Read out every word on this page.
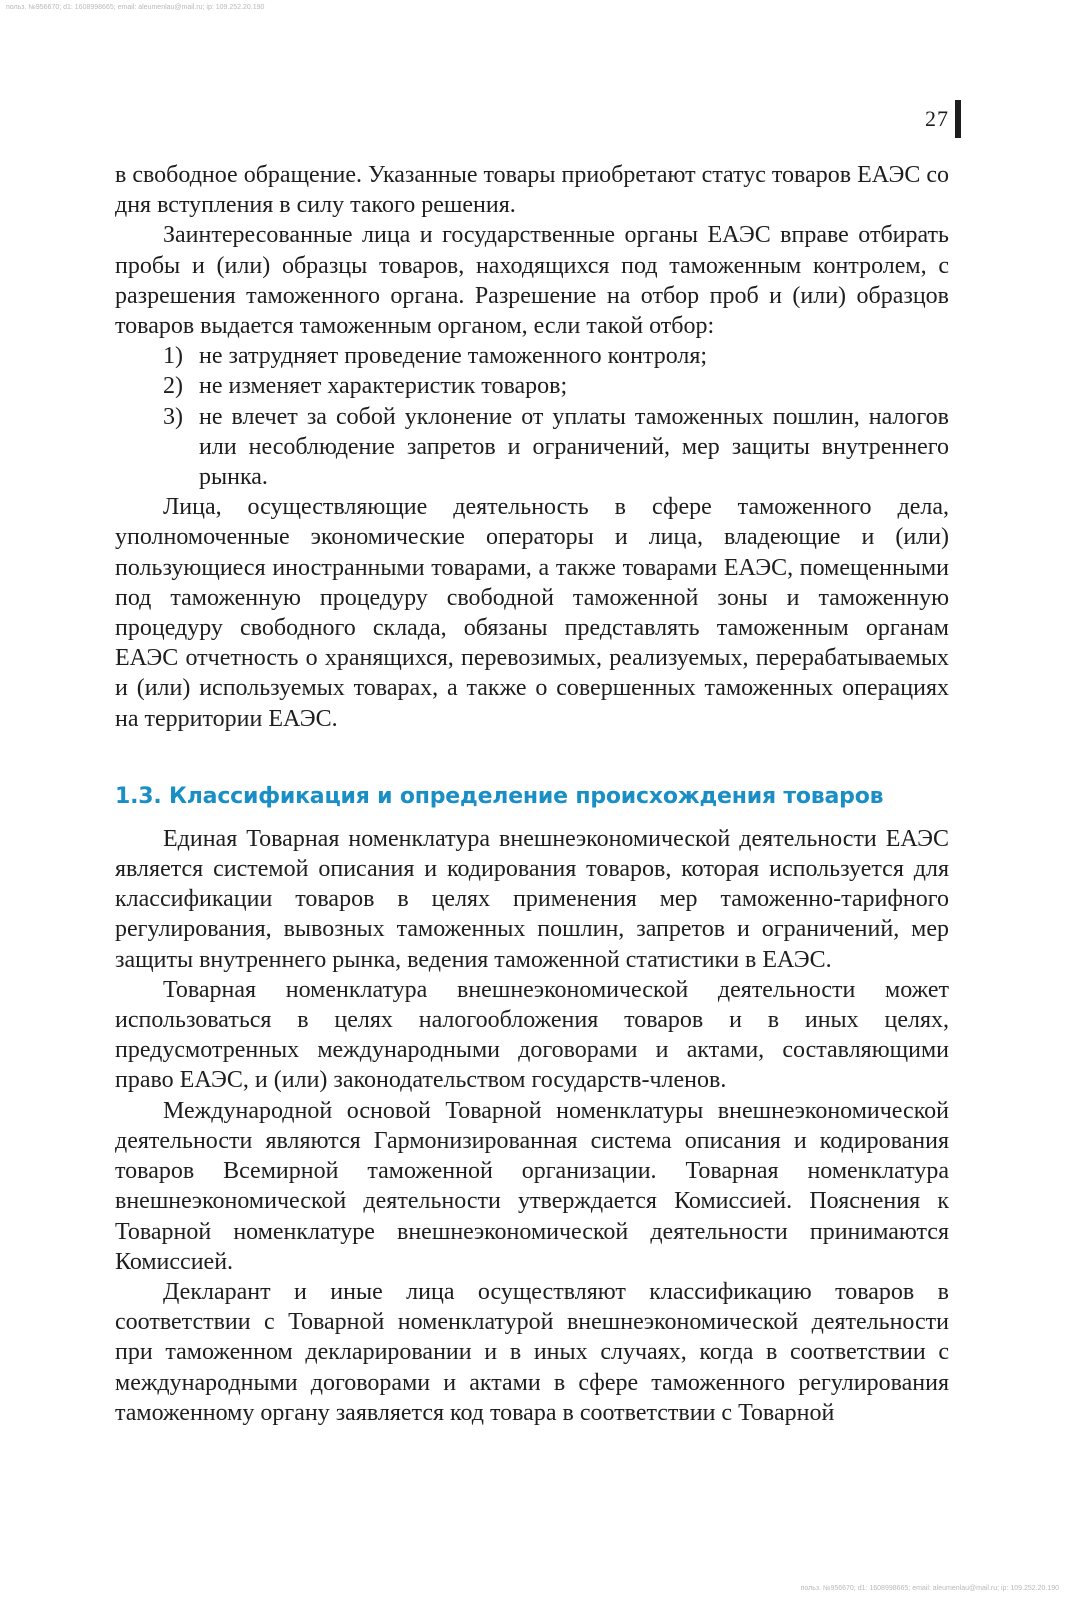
польз. №956670; d1: 1608998665; email: aleumenlau@mail.ru; ip: 109.252.20.190
27

в свободное обращение. Указанные товары приобретают статус товаров ЕАЭС со дня вступления в силу такого решения.

Заинтересованные лица и государственные органы ЕАЭС вправе отбирать пробы и (или) образцы товаров, находящихся под таможенным контролем, с разрешения таможенного органа. Разрешение на отбор проб и (или) образцов товаров выдается таможенным органом, если такой отбор:

1) не затрудняет проведение таможенного контроля;
2) не изменяет характеристик товаров;
3) не влечет за собой уклонение от уплаты таможенных пошлин, налогов или несоблюдение запретов и ограничений, мер защиты внутреннего рынка.

Лица, осуществляющие деятельность в сфере таможенного дела, уполномоченные экономические операторы и лица, владеющие и (или) пользующиеся иностранными товарами, а также товарами ЕАЭС, помещенными под таможенную процедуру свободной таможенной зоны и таможенную процедуру свободного склада, обязаны представлять таможенным органам ЕАЭС отчетность о хранящихся, перевозимых, реализуемых, перерабатываемых и (или) используемых товарах, а также о совершенных таможенных операциях на территории ЕАЭС.

1.3. Классификация и определение происхождения товаров

Единая Товарная номенклатура внешнеэкономической деятельности ЕАЭС является системой описания и кодирования товаров, которая используется для классификации товаров в целях применения мер таможенно-тарифного регулирования, вывозных таможенных пошлин, запретов и ограничений, мер защиты внутреннего рынка, ведения таможенной статистики в ЕАЭС.

Товарная номенклатура внешнеэкономической деятельности может использоваться в целях налогообложения товаров и в иных целях, предусмотренных международными договорами и актами, составляющими право ЕАЭС, и (или) законодательством государств-членов.

Международной основой Товарной номенклатуры внешнеэкономической деятельности являются Гармонизированная система описания и кодирования товаров Всемирной таможенной организации. Товарная номенклатура внешнеэкономической деятельности утверждается Комиссией. Пояснения к Товарной номенклатуре внешнеэкономической деятельности принимаются Комиссией.

Декларант и иные лица осуществляют классификацию товаров в соответствии с Товарной номенклатурой внешнеэкономической деятельности при таможенном декларировании и в иных случаях, когда в соответствии с международными договорами и актами в сфере таможенного регулирования таможенному органу заявляется код товара в соответствии с Товарной

польз. №956670; d1: 1608998665; email: aleumenlau@mail.ru; ip: 109.252.20.190
